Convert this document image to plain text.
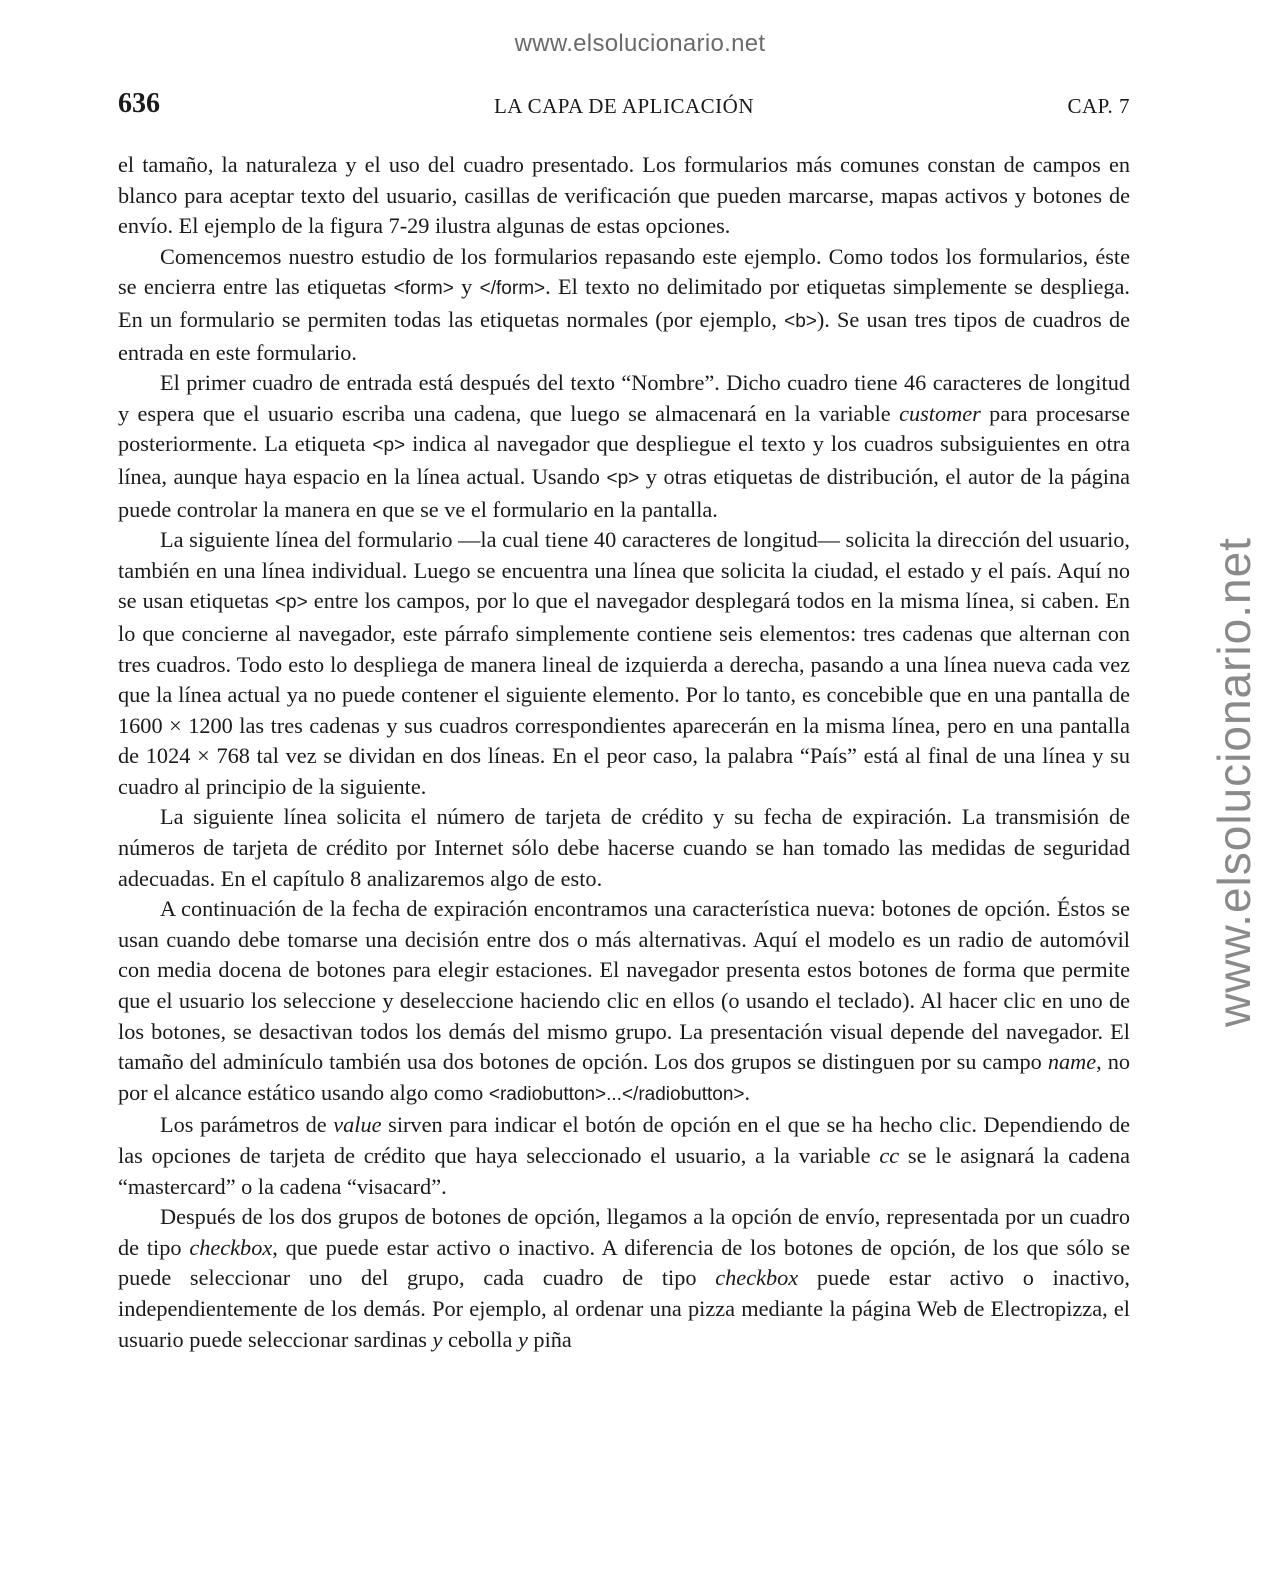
www.elsolucionario.net
www.elsolucionario.net
636	LA CAPA DE APLICACIÓN	CAP. 7

el tamaño, la naturaleza y el uso del cuadro presentado. Los formularios más comunes constan de campos en blanco para aceptar texto del usuario, casillas de verificación que pueden marcarse, mapas activos y botones de envío. El ejemplo de la figura 7-29 ilustra algunas de estas opciones.

Comencemos nuestro estudio de los formularios repasando este ejemplo. Como todos los formularios, éste se encierra entre las etiquetas <form> y </form>. El texto no delimitado por etiquetas simplemente se despliega. En un formulario se permiten todas las etiquetas normales (por ejemplo, <b>). Se usan tres tipos de cuadros de entrada en este formulario.

El primer cuadro de entrada está después del texto “Nombre”. Dicho cuadro tiene 46 caracteres de longitud y espera que el usuario escriba una cadena, que luego se almacenará en la variable customer para procesarse posteriormente. La etiqueta <p> indica al navegador que despliegue el texto y los cuadros subsiguientes en otra línea, aunque haya espacio en la línea actual. Usando <p> y otras etiquetas de distribución, el autor de la página puede controlar la manera en que se ve el formulario en la pantalla.

La siguiente línea del formulario —la cual tiene 40 caracteres de longitud— solicita la dirección del usuario, también en una línea individual. Luego se encuentra una línea que solicita la ciudad, el estado y el país. Aquí no se usan etiquetas <p> entre los campos, por lo que el navegador desplegará todos en la misma línea, si caben. En lo que concierne al navegador, este párrafo simplemente contiene seis elementos: tres cadenas que alternan con tres cuadros. Todo esto lo despliega de manera lineal de izquierda a derecha, pasando a una línea nueva cada vez que la línea actual ya no puede contener el siguiente elemento. Por lo tanto, es concebible que en una pantalla de 1600 × 1200 las tres cadenas y sus cuadros correspondientes aparecerán en la misma línea, pero en una pantalla de 1024 × 768 tal vez se dividan en dos líneas. En el peor caso, la palabra “País” está al final de una línea y su cuadro al principio de la siguiente.

La siguiente línea solicita el número de tarjeta de crédito y su fecha de expiración. La transmisión de números de tarjeta de crédito por Internet sólo debe hacerse cuando se han tomado las medidas de seguridad adecuadas. En el capítulo 8 analizaremos algo de esto.

A continuación de la fecha de expiración encontramos una característica nueva: botones de opción. Éstos se usan cuando debe tomarse una decisión entre dos o más alternativas. Aquí el modelo es un radio de automóvil con media docena de botones para elegir estaciones. El navegador presenta estos botones de forma que permite que el usuario los seleccione y deseleccione haciendo clic en ellos (o usando el teclado). Al hacer clic en uno de los botones, se desactivan todos los demás del mismo grupo. La presentación visual depende del navegador. El tamaño del adminículo también usa dos botones de opción. Los dos grupos se distinguen por su campo name, no por el alcance estático usando algo como <radiobutton>...</radiobutton>.

Los parámetros de value sirven para indicar el botón de opción en el que se ha hecho clic. Dependiendo de las opciones de tarjeta de crédito que haya seleccionado el usuario, a la variable cc se le asignará la cadena “mastercard” o la cadena “visacard”.

Después de los dos grupos de botones de opción, llegamos a la opción de envío, representada por un cuadro de tipo checkbox, que puede estar activo o inactivo. A diferencia de los botones de opción, de los que sólo se puede seleccionar uno del grupo, cada cuadro de tipo checkbox puede estar activo o inactivo, independientemente de los demás. Por ejemplo, al ordenar una pizza mediante la página Web de Electropizza, el usuario puede seleccionar sardinas y cebolla y piña
